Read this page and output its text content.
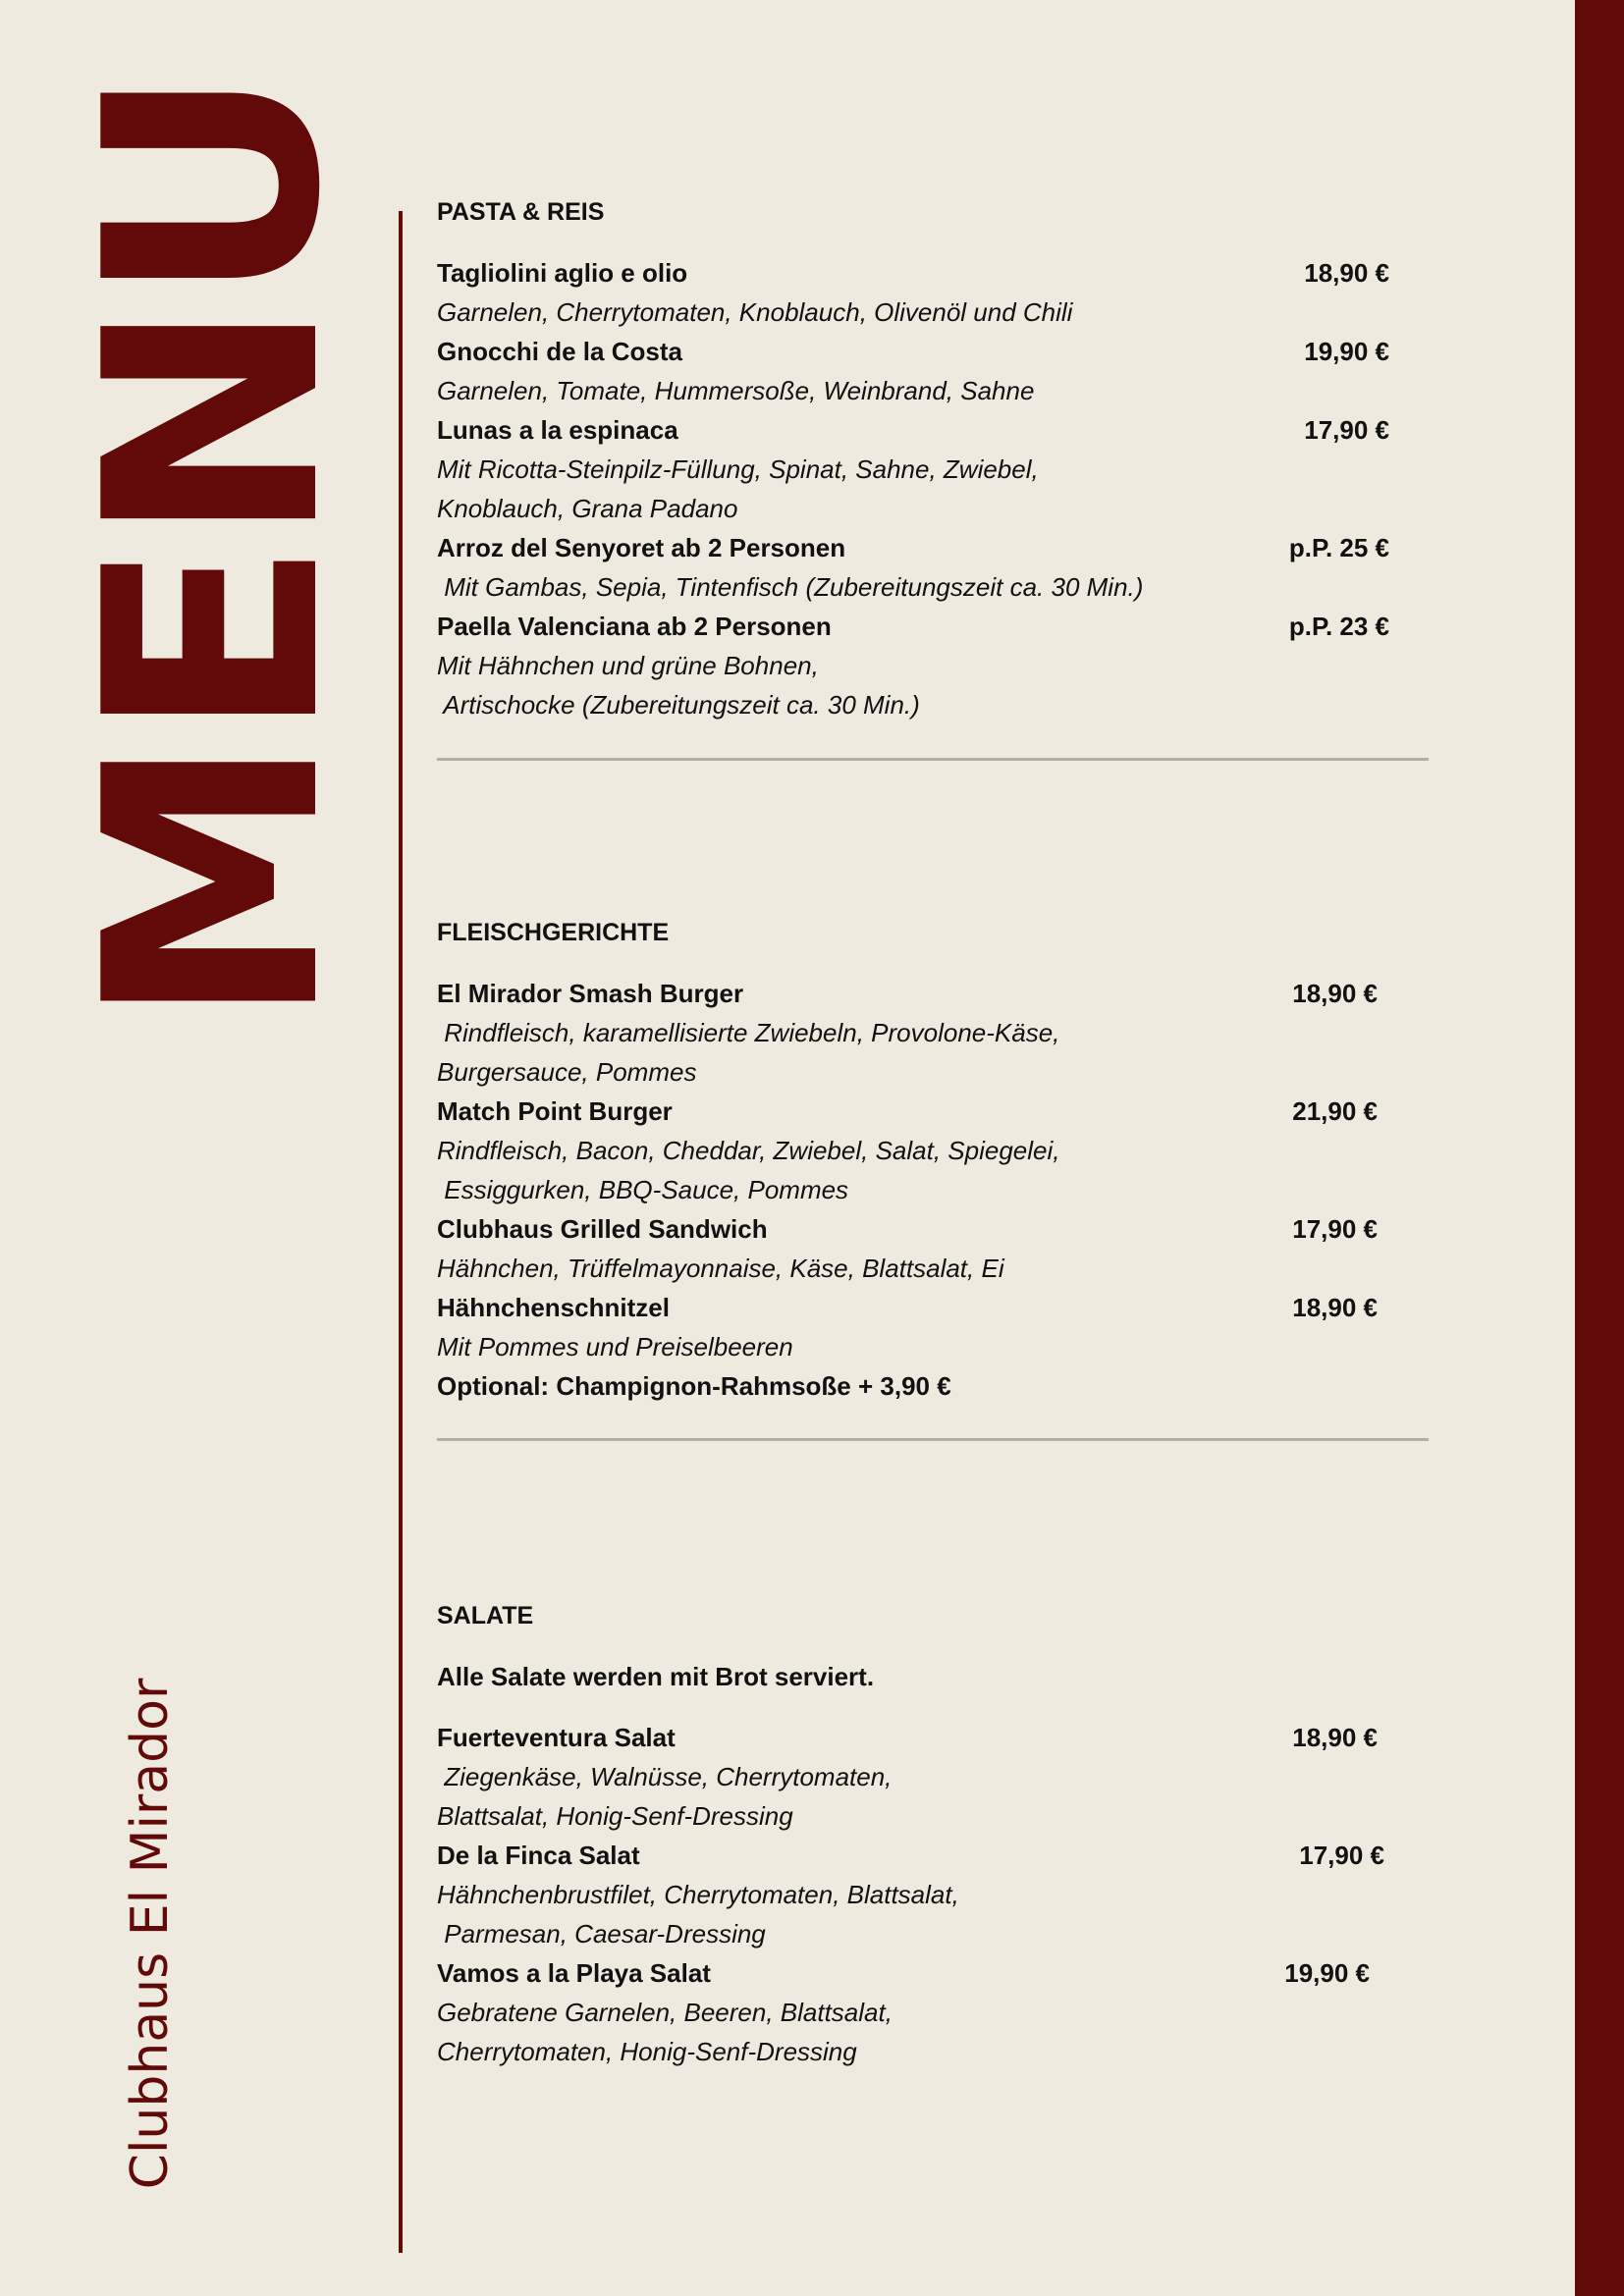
MENU
Clubhaus El Mirador
PASTA & REIS
Tagliolini aglio e olio	18,90 €
Garnelen, Cherrytomaten, Knoblauch, Olivenöl und Chili
Gnocchi de la Costa	19,90 €
Garnelen, Tomate, Hummersoße, Weinbrand, Sahne
Lunas a la espinaca	17,90 €
Mit Ricotta-Steinpilz-Füllung, Spinat, Sahne, Zwiebel,
Knoblauch, Grana Padano
Arroz del Senyoret ab 2 Personen	p.P. 25 €
Mit Gambas, Sepia, Tintenfisch (Zubereitungszeit ca. 30 Min.)
Paella Valenciana ab 2 Personen	p.P. 23 €
Mit Hähnchen und grüne Bohnen,
Artischocke (Zubereitungszeit ca. 30 Min.)
FLEISCHGERICHTE
El Mirador Smash Burger	18,90 €
Rindfleisch, karamellisierte Zwiebeln, Provolone-Käse,
Burgersauce, Pommes
Match Point Burger	21,90 €
Rindfleisch, Bacon, Cheddar, Zwiebel, Salat, Spiegelei,
Essiggurken, BBQ-Sauce, Pommes
Clubhaus Grilled Sandwich	17,90 €
Hähnchen, Trüffelmayonnaise, Käse, Blattsalat, Ei
Hähnchenschnitzel	18,90 €
Mit Pommes und Preiselbeeren
Optional: Champignon-Rahmsoße + 3,90 €
SALATE
Alle Salate werden mit Brot serviert.
Fuerteventura Salat	18,90 €
Ziegenkäse, Walnüsse, Cherrytomaten,
Blattsalat, Honig-Senf-Dressing
De la Finca Salat	17,90 €
Hähnchenbrustfilet, Cherrytomaten, Blattsalat,
Parmesan, Caesar-Dressing
Vamos a la Playa Salat	19,90 €
Gebratene Garnelen, Beeren, Blattsalat,
Cherrytomaten, Honig-Senf-Dressing
